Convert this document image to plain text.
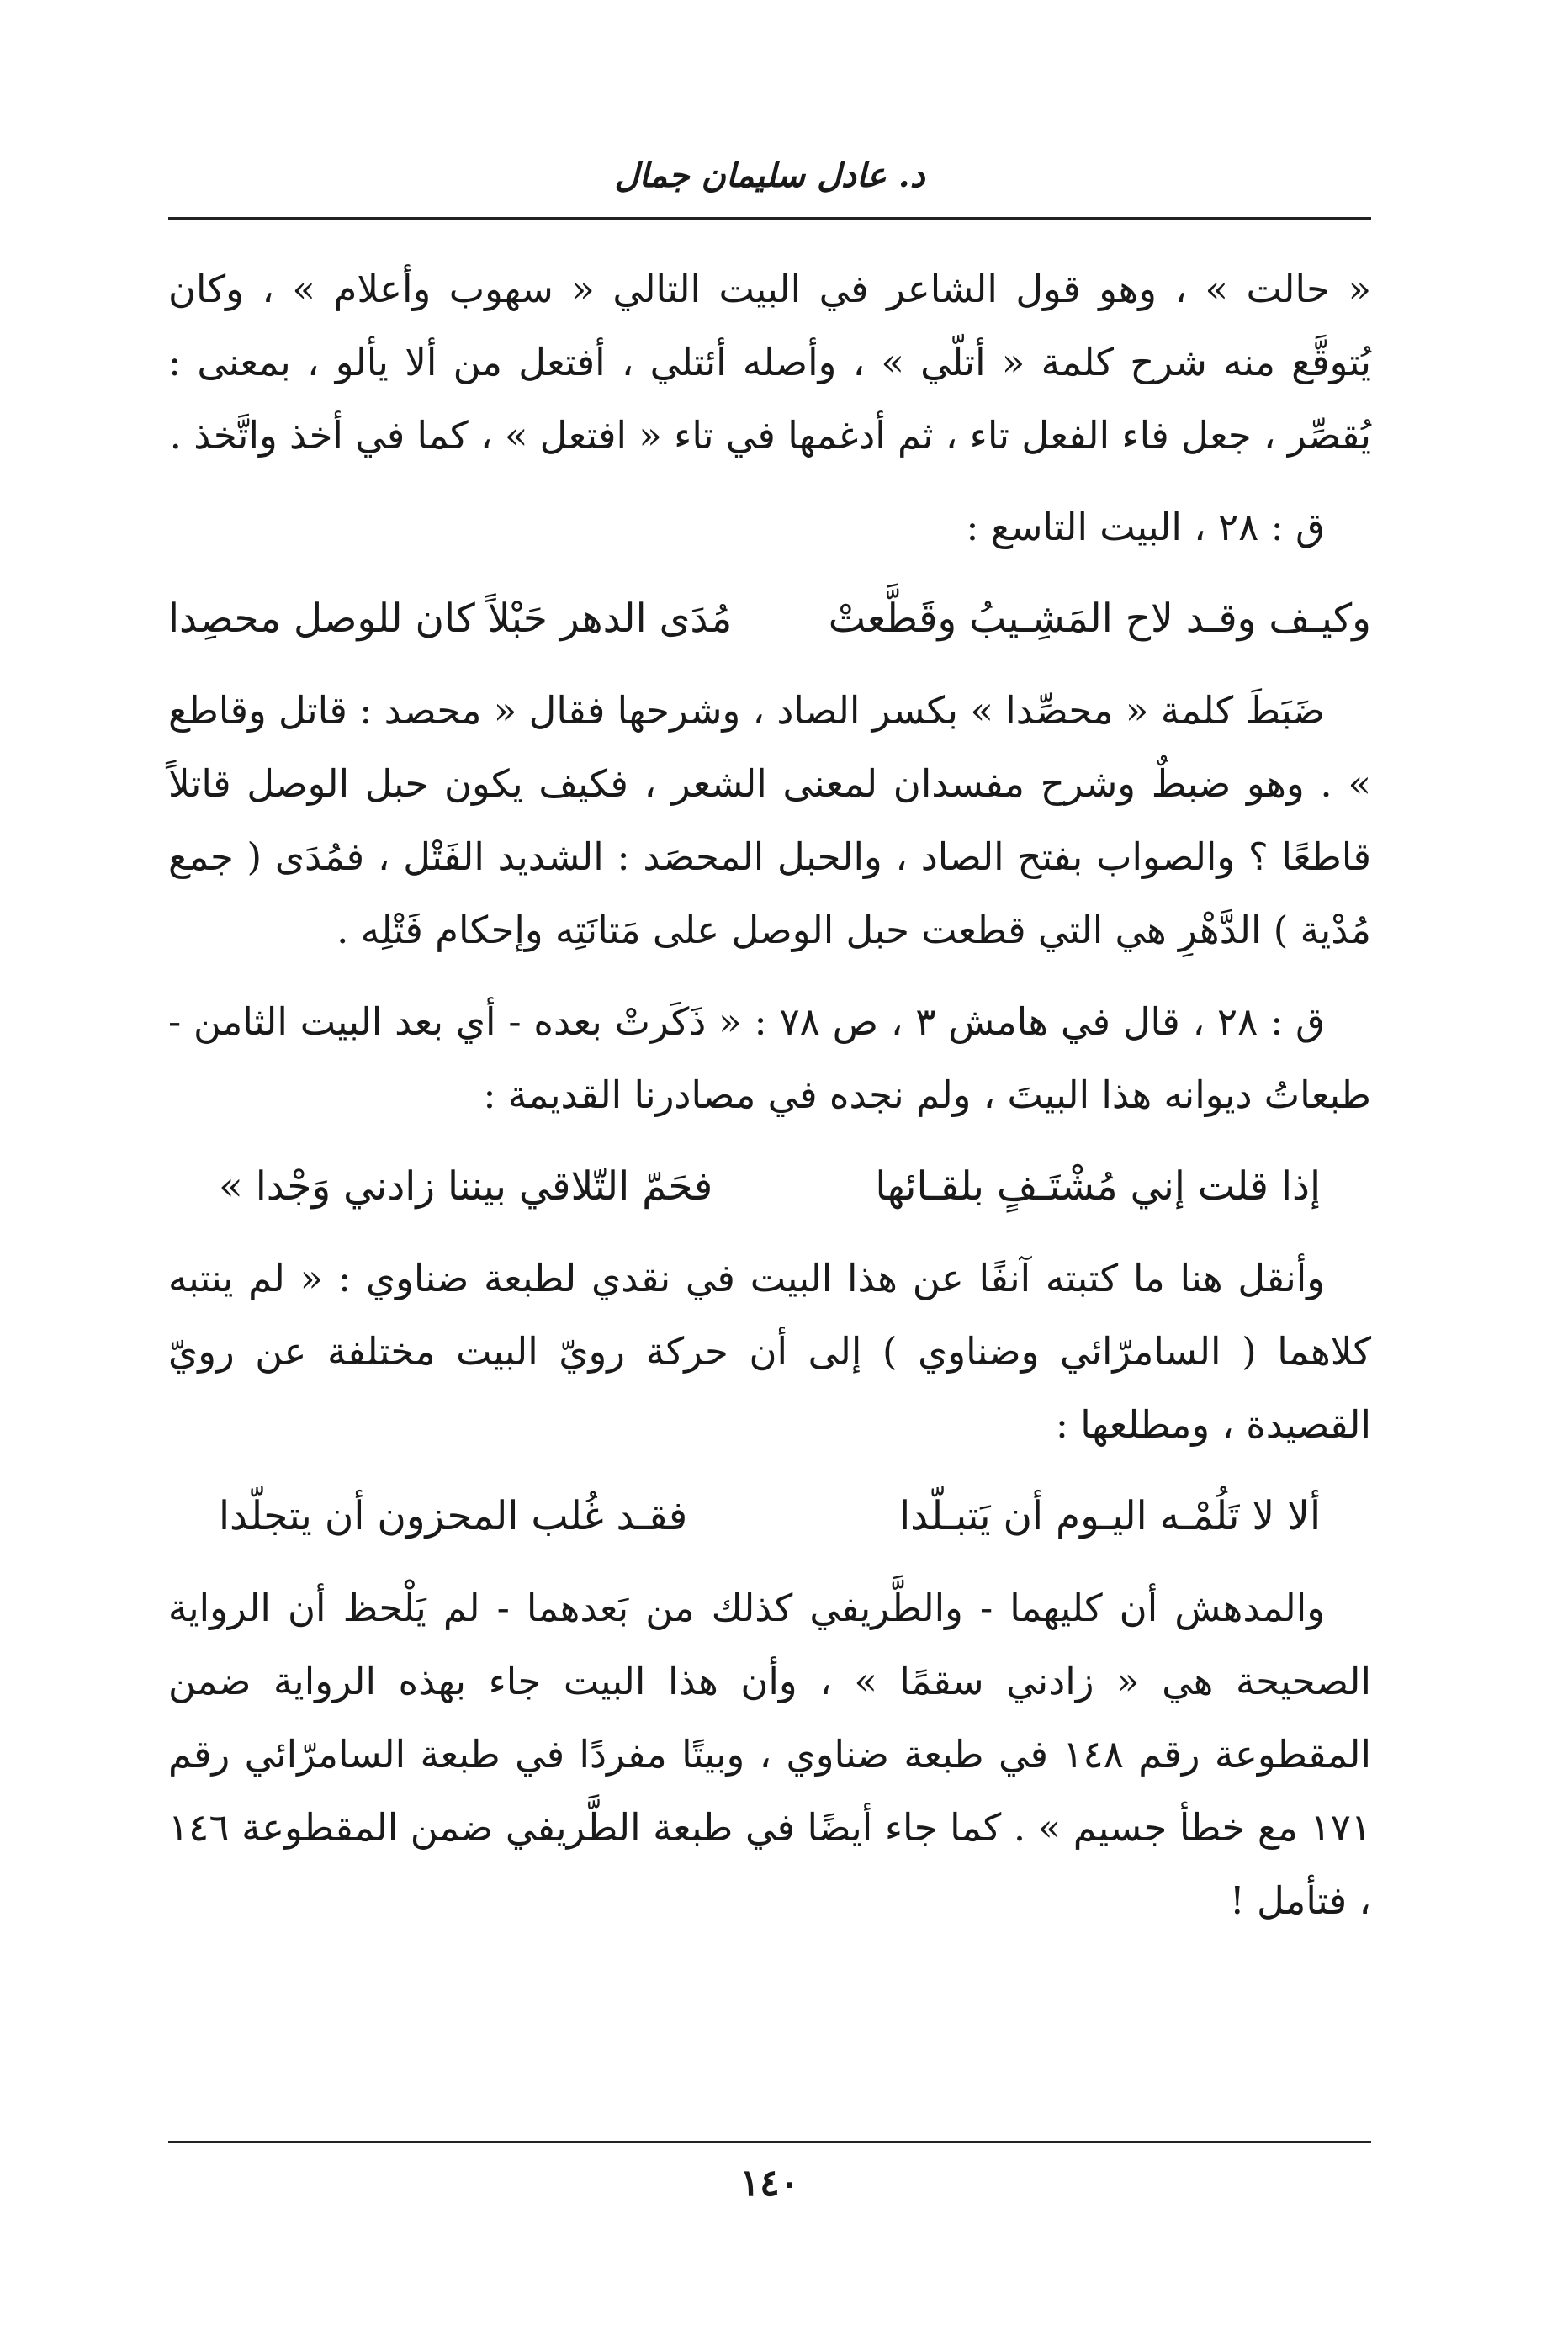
د. عادل سليمان جمال

« حالت » ، وهو قول الشاعر في البيت التالي « سهوب وأعلام » ، وكان يُتوقَّع منه شرح كلمة « أتلّي » ، وأصله أئتلي ، أفتعل من ألا يألو ، بمعنى : يُقصِّر ، جعل فاء الفعل تاء ، ثم أدغمها في تاء « افتعل » ، كما في أخذ واتَّخذ .

ق : ٢٨ ، البيت التاسع :

وكيـف وقـد لاح المَشِـيبُ وقَطَّعتْ
مُدَى الدهر حَبْلاً كان للوصل محصِدا

ضَبَطَ كلمة « محصِّدا » بكسر الصاد ، وشرحها فقال « محصد : قاتل وقاطع » . وهو ضبطٌ وشرح مفسدان لمعنى الشعر ، فكيف يكون حبل الوصل قاتلاً قاطعًا ؟ والصواب بفتح الصاد ، والحبل المحصَد : الشديد الفَتْل ، فمُدَى ( جمع مُدْية ) الدَّهْرِ هي التي قطعت حبل الوصل على مَتانَتِه وإحكام فَتْلِه .

ق : ٢٨ ، قال في هامش ٣ ، ص ٧٨ : « ذَكَرتْ بعده - أي بعد البيت الثامن - طبعاتُ ديوانه هذا البيتَ ، ولم نجده في مصادرنا القديمة :

إذا قلت إني مُشْتَـفٍ بلقـائها
فحَمّ التّلاقي بيننا زادني وَجْدا »

وأنقل هنا ما كتبته آنفًا عن هذا البيت في نقدي لطبعة ضناوي : « لم ينتبه كلاهما ( السامرّائي وضناوي ) إلى أن حركة رويّ البيت مختلفة عن رويّ القصيدة ، ومطلعها :

ألا لا تَلُمْـه اليـوم أن يَتبـلّدا
فقـد غُلب المحزون أن يتجلّدا

والمدهش أن كليهما - والطَّريفي كذلك من بَعدهما - لم يَلْحظ أن الرواية الصحيحة هي « زادني سقمًا » ، وأن هذا البيت جاء بهذه الرواية ضمن المقطوعة رقم ١٤٨ في طبعة ضناوي ، وبيتًا مفردًا في طبعة السامرّائي رقم ١٧١ مع خطأ جسيم » . كما جاء أيضًا في طبعة الطَّريفي ضمن المقطوعة ١٤٦ ، فتأمل !

١٤٠
